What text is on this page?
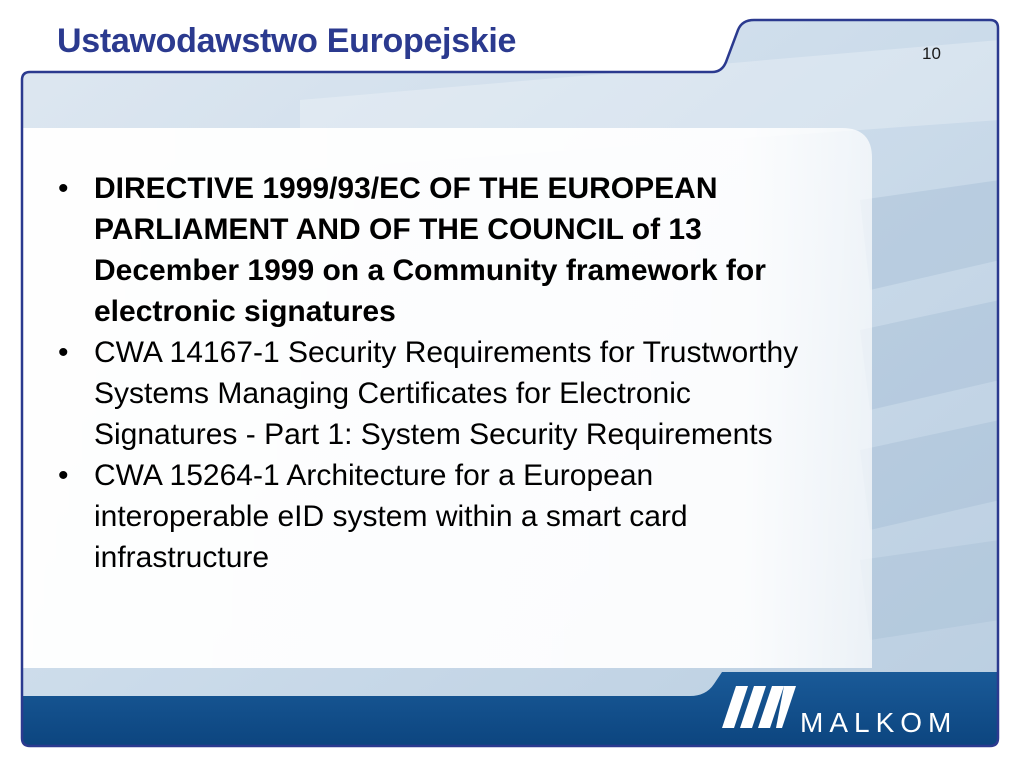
Ustawodawstwo Europejskie	10
• DIRECTIVE 1999/93/EC OF THE EUROPEAN PARLIAMENT AND OF THE COUNCIL of 13 December 1999 on a Community framework for electronic signatures
• CWA 14167-1 Security Requirements for Trustworthy Systems Managing Certificates for Electronic Signatures - Part 1: System Security Requirements
• CWA 15264-1 Architecture for a European interoperable eID system within a smart card infrastructure
MALKOM
